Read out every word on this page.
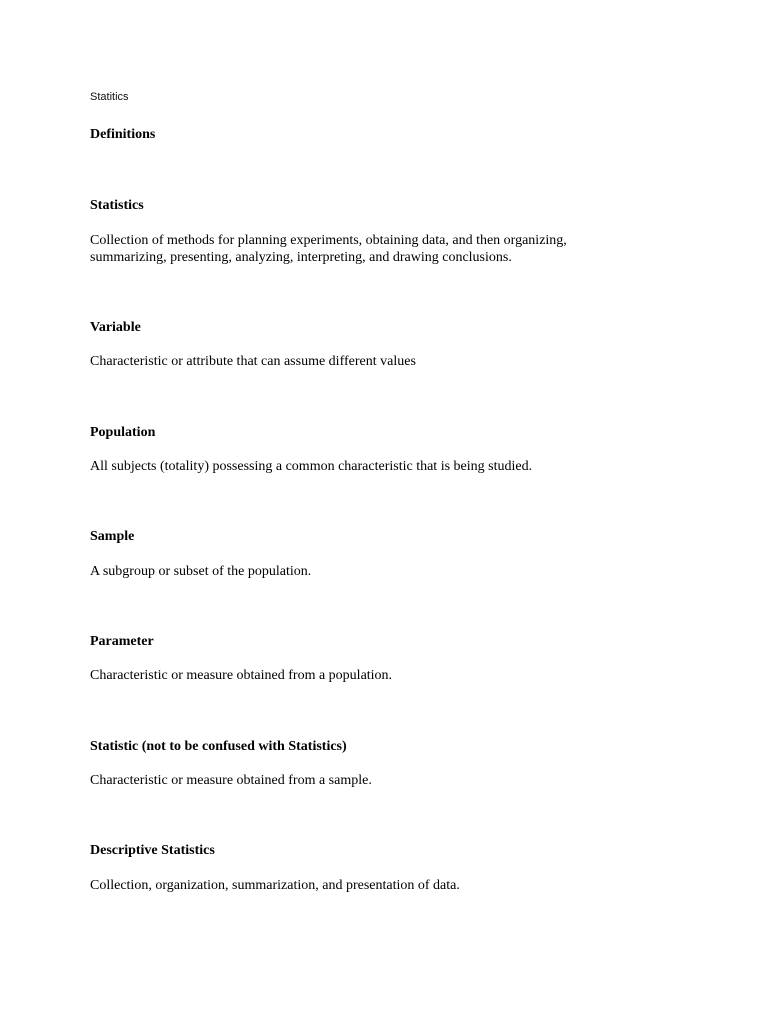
Statitics
Definitions
Statistics

Collection of methods for planning experiments, obtaining data, and then organizing,
summarizing, presenting, analyzing, interpreting, and drawing conclusions.

Variable

Characteristic or attribute that can assume different values

Population

All subjects (totality) possessing a common characteristic that is being studied.

Sample

A subgroup or subset of the population.

Parameter

Characteristic or measure obtained from a population.

Statistic (not to be confused with Statistics)

Characteristic or measure obtained from a sample.

Descriptive Statistics

Collection, organization, summarization, and presentation of data.
